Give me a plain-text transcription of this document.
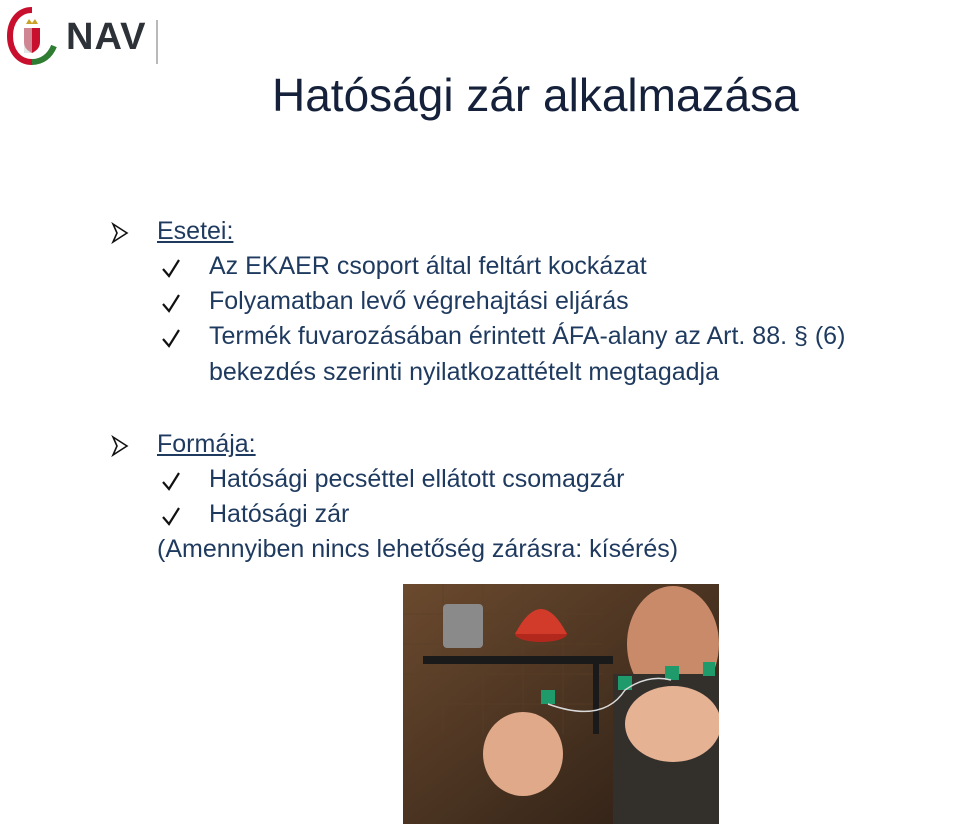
NAV
Hatósági zár alkalmazása
Esetei:
Az EKAER csoport által feltárt kockázat
Folyamatban levő végrehajtási eljárás
Termék fuvarozásában érintett ÁFA-alany az Art. 88. § (6)
bekezdés szerinti nyilatkozattételt megtagadja
Formája:
Hatósági pecséttel ellátott csomagzár
Hatósági zár
(Amennyiben nincs lehetőség zárásra: kísérés)
